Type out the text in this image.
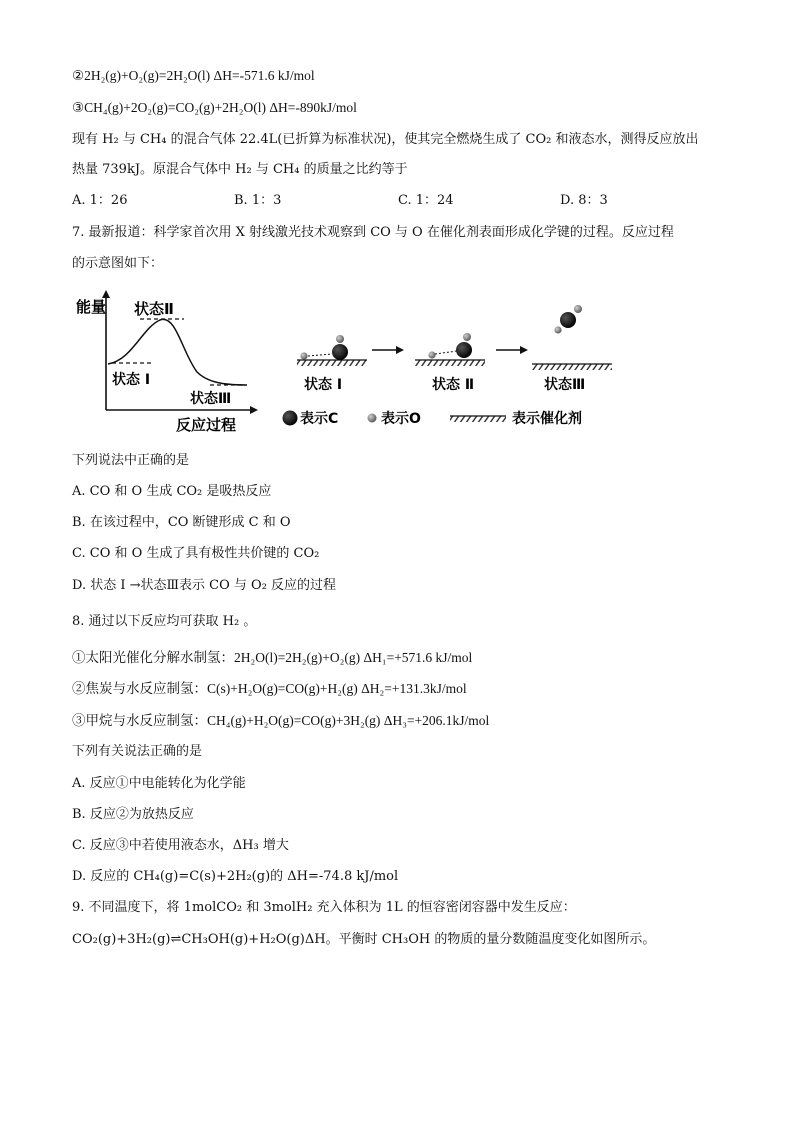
②2H₂(g)+O₂(g)=2H₂O(l) ΔH=-571.6 kJ/mol
③CH₄(g)+2O₂(g)=CO₂(g)+2H₂O(l) ΔH=-890kJ/mol
现有 H₂ 与 CH₄ 的混合气体 22.4L(已折算为标准状况)，使其完全燃烧生成了 CO₂ 和液态水，测得反应放出
热量 739kJ。原混合气体中 H₂ 与 CH₄ 的质量之比约等于
A. 1：26	B. 1：3	C. 1：24	D. 8：3
7. 最新报道：科学家首次用 X 射线激光技术观察到 CO 与 O 在催化剂表面形成化学键的过程。反应过程
的示意图如下：
能量
状态 Ⅰ
状态Ⅱ
状态Ⅲ
反应过程
状态 Ⅰ	状态 Ⅱ	状态Ⅲ
表示C	表示O	表示催化剂
下列说法中正确的是
A. CO 和 O 生成 CO₂ 是吸热反应
B. 在该过程中，CO 断键形成 C 和 O
C. CO 和 O 生成了具有极性共价键的 CO₂
D. 状态 Ⅰ →状态Ⅲ表示 CO 与 O₂ 反应的过程
8. 通过以下反应均可获取 H₂ 。
①太阳光催化分解水制氢：2H₂O(l)=2H₂(g)+O₂(g) ΔH₁=+571.6 kJ/mol
②焦炭与水反应制氢：C(s)+H₂O(g)=CO(g)+H₂(g) ΔH₂=+131.3kJ/mol
③甲烷与水反应制氢：CH₄(g)+H₂O(g)=CO(g)+3H₂(g) ΔH₃=+206.1kJ/mol
下列有关说法正确的是
A. 反应①中电能转化为化学能
B. 反应②为放热反应
C. 反应③中若使用液态水，ΔH₃ 增大
D. 反应的 CH₄(g)=C(s)+2H₂(g)的 ΔH=-74.8 kJ/mol
9. 不同温度下，将 1molCO₂ 和 3molH₂ 充入体积为 1L 的恒容密闭容器中发生反应：
CO₂(g)+3H₂(g)⇌CH₃OH(g)+H₂O(g)ΔH。平衡时 CH₃OH 的物质的量分数随温度变化如图所示。
